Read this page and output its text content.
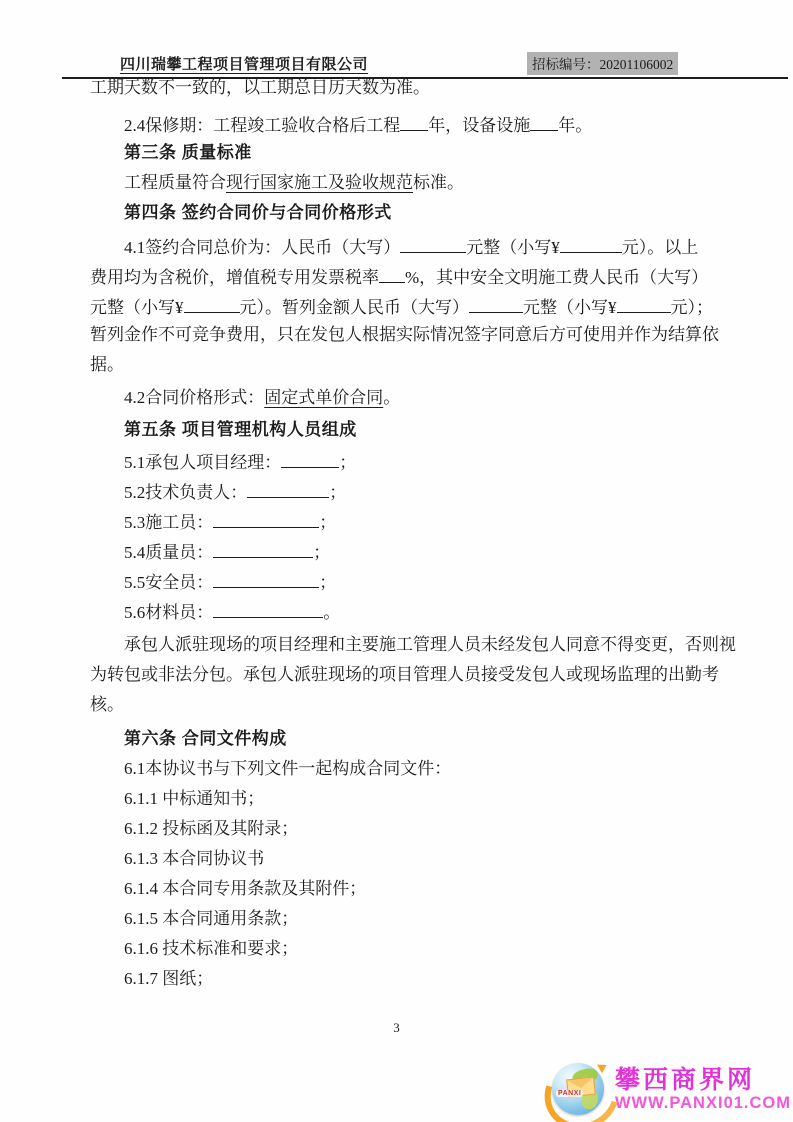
四川瑞攀工程项目管理项目有限公司	招标编号：20201106002
工期天数不一致的，以工期总日历天数为准。
2.4保修期：工程竣工验收合格后工程 年，设备设施 年。
第三条 质量标准
工程质量符合现行国家施工及验收规范标准。
第四条 签约合同价与合同价格形式
4.1签约合同总价为：人民币（大写）	元整（小写¥	元）。以上
费用均为含税价，增值税专用发票税率 %，其中安全文明施工费人民币（大写）
元整（小写¥	元）。暂列金额人民币（大写）	元整（小写¥	元）；
暂列金作不可竞争费用，只在发包人根据实际情况签字同意后方可使用并作为结算依
据。
4.2合同价格形式：固定式单价合同。
第五条 项目管理机构人员组成
5.1承包人项目经理：	；
5.2技术负责人：	；
5.3施工员：	；
5.4质量员：	；
5.5安全员：	；
5.6材料员：	。
承包人派驻现场的项目经理和主要施工管理人员未经发包人同意不得变更，否则视
为转包或非法分包。承包人派驻现场的项目管理人员接受发包人或现场监理的出勤考
核。
第六条 合同文件构成
6.1本协议书与下列文件一起构成合同文件：
6.1.1 中标通知书；
6.1.2 投标函及其附录；
6.1.3 本合同协议书
6.1.4 本合同专用条款及其附件；
6.1.5 本合同通用条款；
6.1.6 技术标准和要求；
6.1.7 图纸；
3
PANXI 攀西商界网
WWW.PANXI01.COM
